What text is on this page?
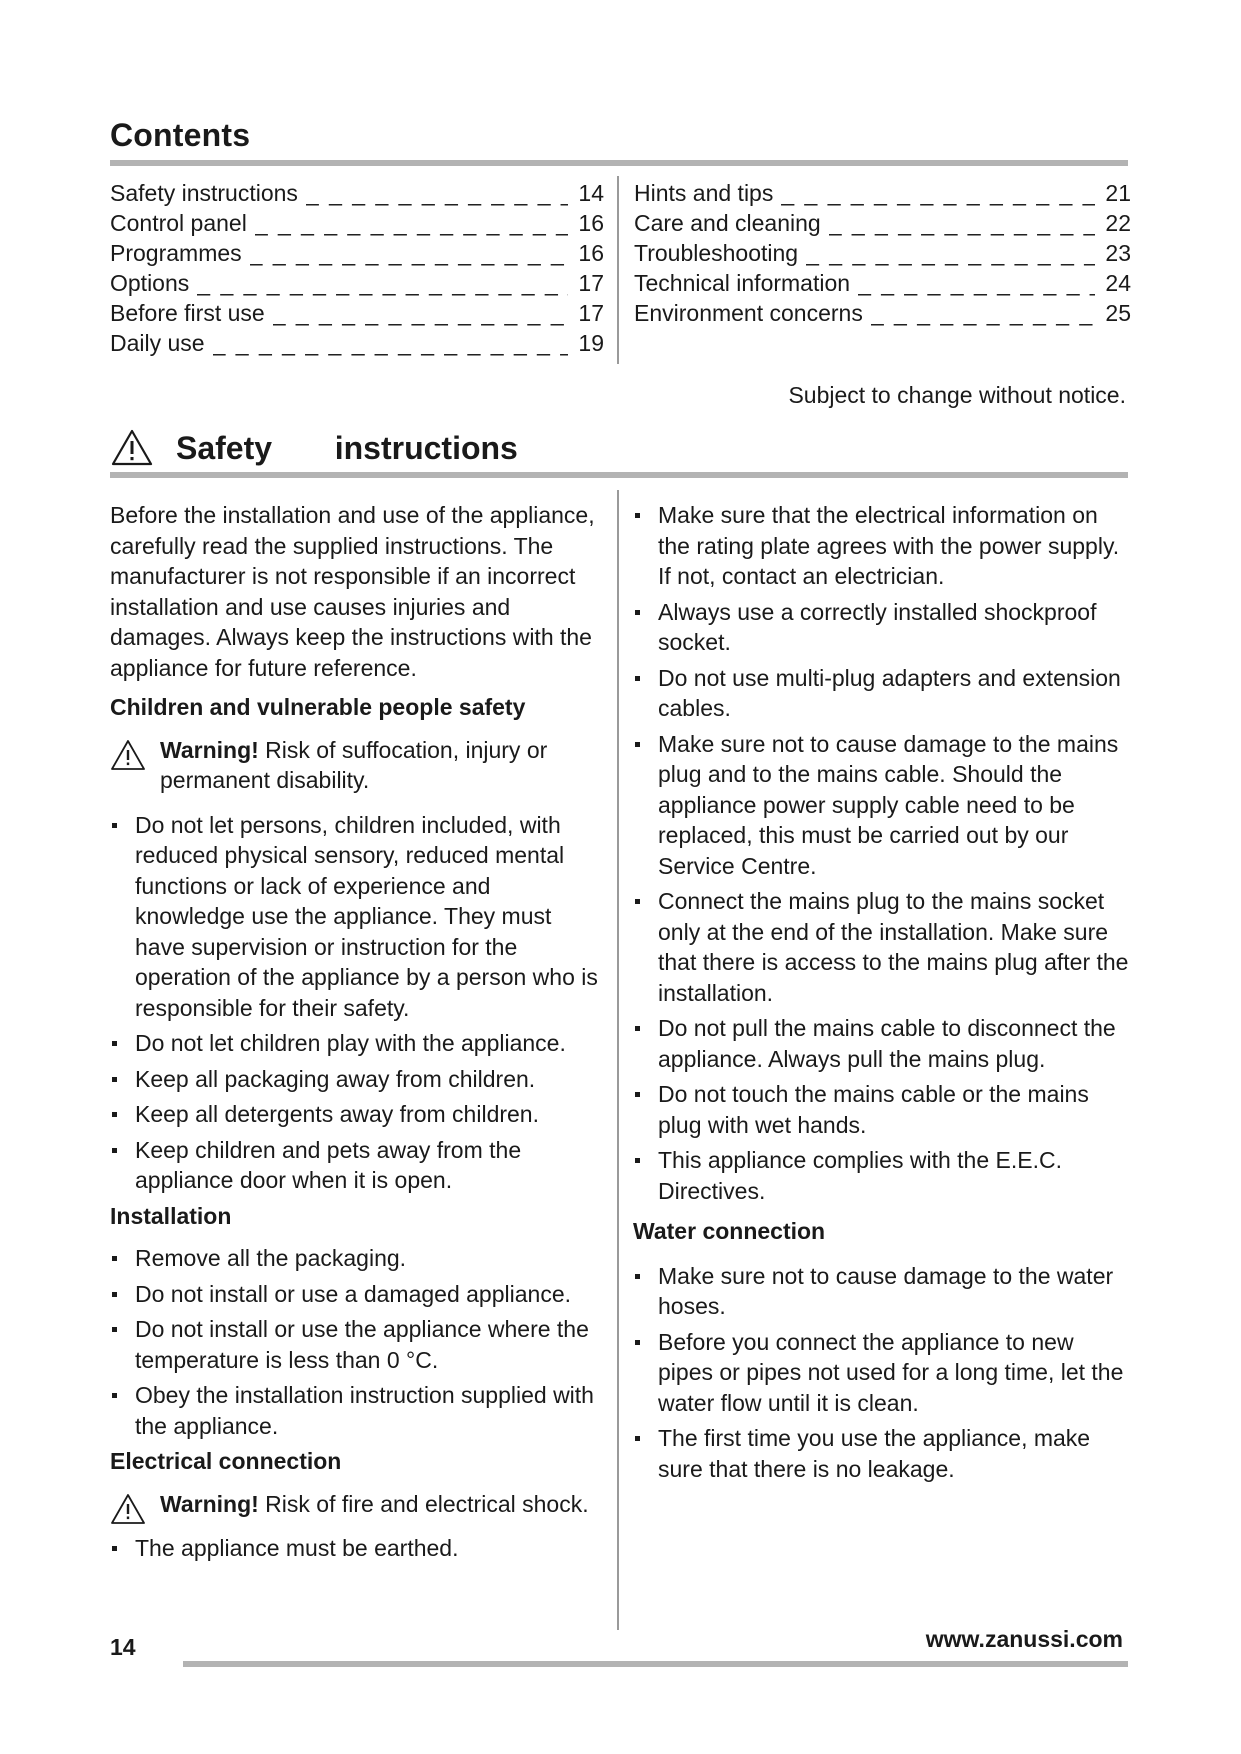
Contents
Safety instructions _ _ _	14
Control panel _ _ _	16
Programmes _ _ _	16
Options _ _ _	17
Before first use _ _ _	17
Daily use _ _ _	19
Hints and tips _ _ _	21
Care and cleaning _ _ _	22
Troubleshooting _ _ _	23
Technical information _ _ _	24
Environment concerns _ _ _	25
Subject to change without notice.
Safety   instructions

Before the installation and use of the appliance, carefully read the supplied instructions. The manufacturer is not responsible if an incorrect installation and use causes injuries and damages. Always keep the instructions with the appliance for future reference.

Children and vulnerable people safety
Warning! Risk of suffocation, injury or permanent disability.
Do not let persons, children included, with reduced physical sensory, reduced mental functions or lack of experience and knowledge use the appliance. They must have supervision or instruction for the operation of the appliance by a person who is responsible for their safety.
Do not let children play with the appliance.
Keep all packaging away from children.
Keep all detergents away from children.
Keep children and pets away from the appliance door when it is open.
Installation
Remove all the packaging.
Do not install or use a damaged appliance.
Do not install or use the appliance where the temperature is less than 0 °C.
Obey the installation instruction supplied with the appliance.
Electrical connection
Warning! Risk of fire and electrical shock.
The appliance must be earthed.
Make sure that the electrical information on the rating plate agrees with the power supply. If not, contact an electrician.
Always use a correctly installed shockproof socket.
Do not use multi-plug adapters and extension cables.
Make sure not to cause damage to the mains plug and to the mains cable. Should the appliance power supply cable need to be replaced, this must be carried out by our Service Centre.
Connect the mains plug to the mains socket only at the end of the installation. Make sure that there is access to the mains plug after the installation.
Do not pull the mains cable to disconnect the appliance. Always pull the mains plug.
Do not touch the mains cable or the mains plug with wet hands.
This appliance complies with the E.E.C. Directives.
Water connection
Make sure not to cause damage to the water hoses.
Before you connect the appliance to new pipes or pipes not used for a long time, let the water flow until it is clean.
The first time you use the appliance, make sure that there is no leakage.
14	www.zanussi.com
